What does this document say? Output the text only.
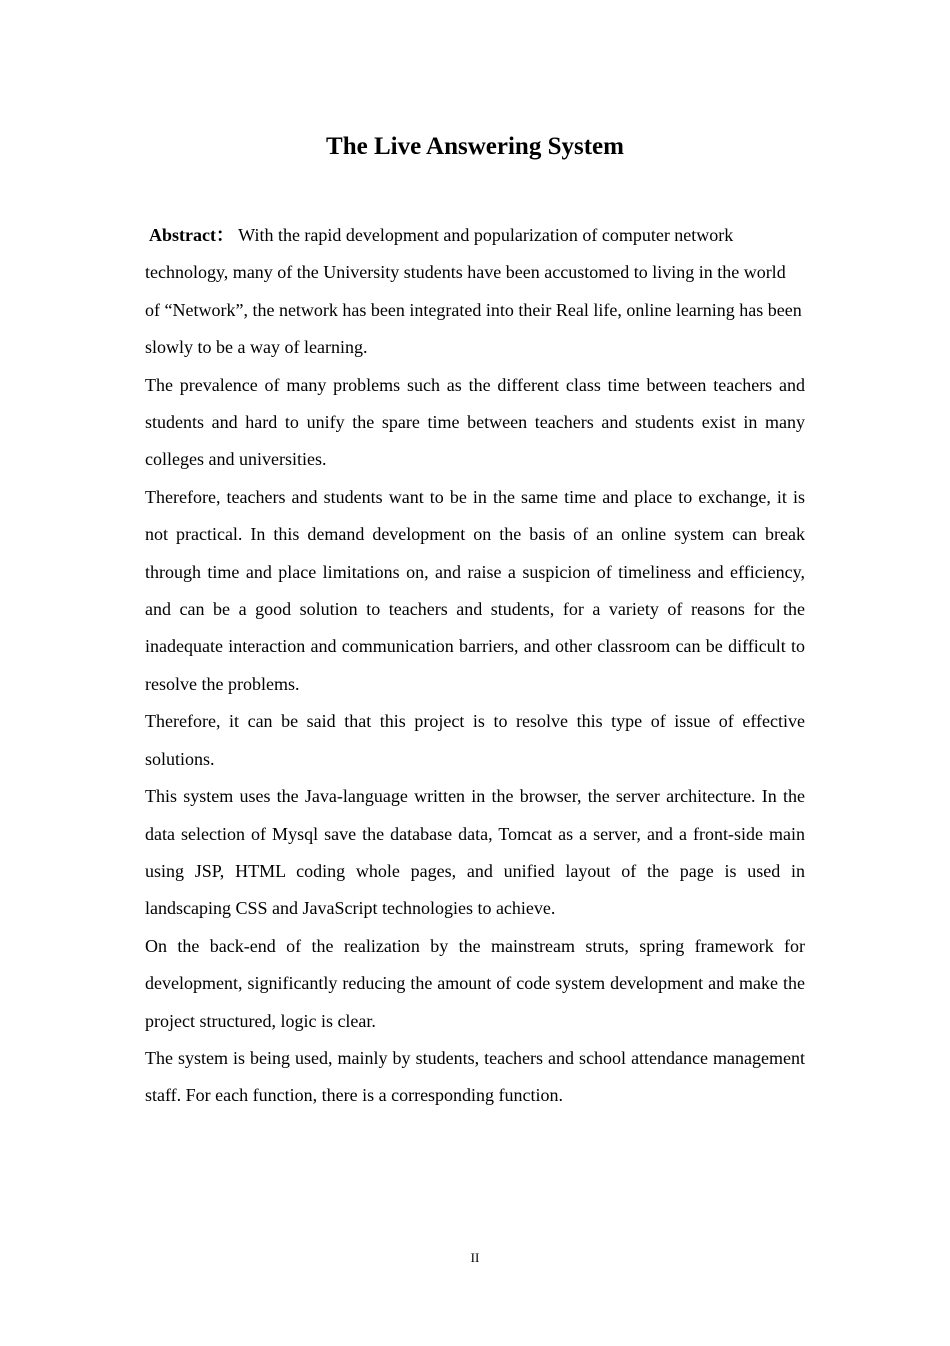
The Live Answering System

Abstract： With the rapid development and popularization of computer network technology, many of the University students have been accustomed to living in the world of “Network”, the network has been integrated into their Real life, online learning has been slowly to be a way of learning.

The prevalence of many problems such as the different class time between teachers and students and hard to unify the spare time between teachers and students exist in many colleges and universities.

Therefore, teachers and students want to be in the same time and place to exchange, it is not practical. In this demand development on the basis of an online system can break through time and place limitations on, and raise a suspicion of timeliness and efficiency, and can be a good solution to teachers and students, for a variety of reasons for the inadequate interaction and communication barriers, and other classroom can be difficult to resolve the problems.

Therefore, it can be said that this project is to resolve this type of issue of effective solutions.

This system uses the Java-language written in the browser, the server architecture. In the data selection of Mysql save the database data, Tomcat as a server, and a front-side main using JSP, HTML coding whole pages, and unified layout of the page is used in landscaping CSS and JavaScript technologies to achieve.

On the back-end of the realization by the mainstream struts, spring framework for development, significantly reducing the amount of code system development and make the project structured, logic is clear.

The system is being used, mainly by students, teachers and school attendance management staff. For each function, there is a corresponding function.

II
